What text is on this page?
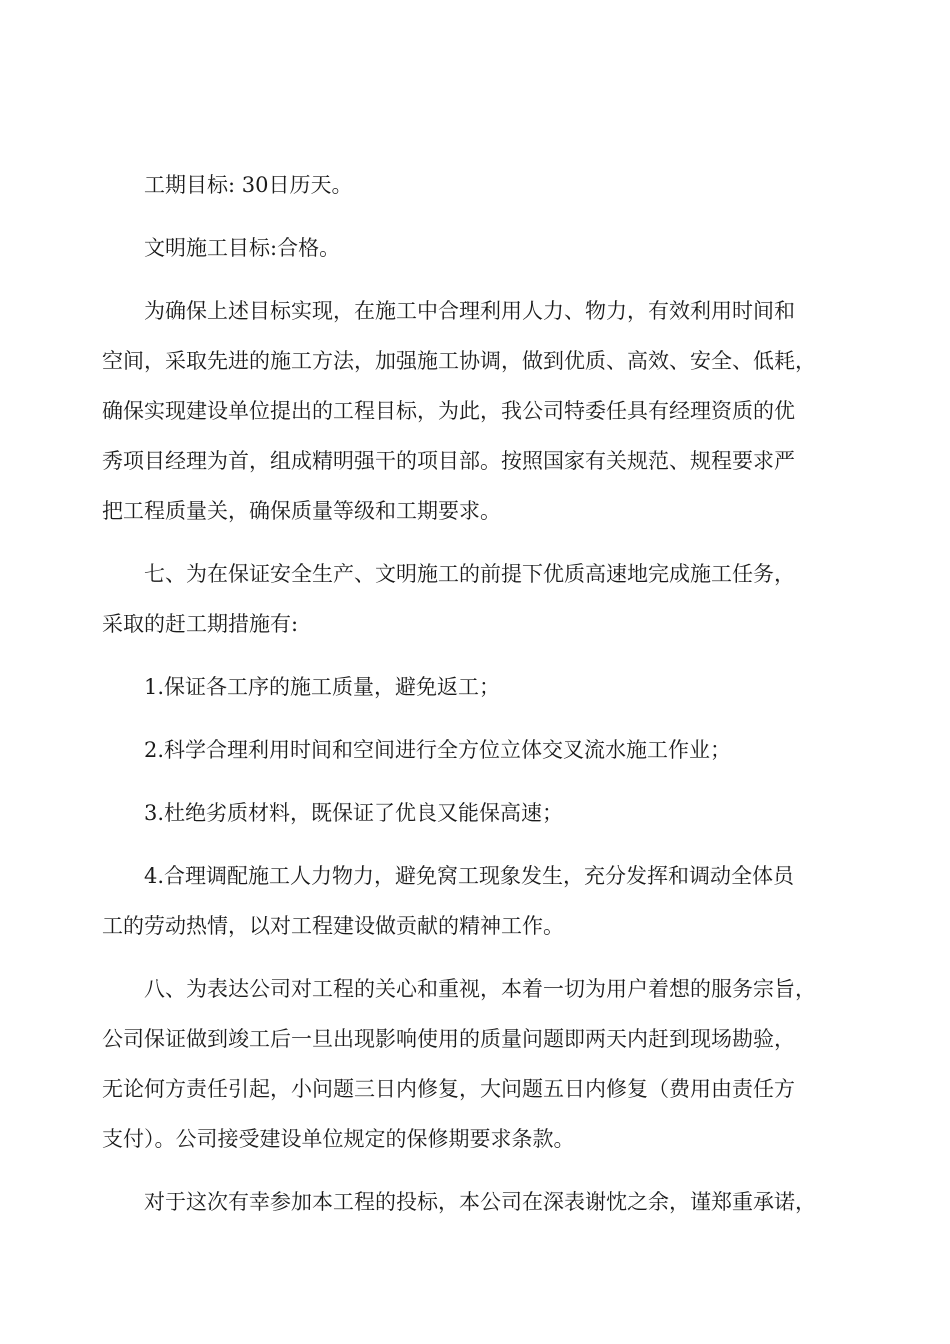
工期目标: 30日历天。

文明施工目标:合格。

为确保上述目标实现，在施工中合理利用人力、物力，有效利用时间和
空间，采取先进的施工方法，加强施工协调，做到优质、高效、安全、低耗，
确保实现建设单位提出的工程目标，为此，我公司特委任具有经理资质的优
秀项目经理为首，组成精明强干的项目部。按照国家有关规范、规程要求严
把工程质量关，确保质量等级和工期要求。

七、为在保证安全生产、文明施工的前提下优质高速地完成施工任务，
采取的赶工期措施有:

1.保证各工序的施工质量，避免返工；

2.科学合理利用时间和空间进行全方位立体交叉流水施工作业；

3.杜绝劣质材料，既保证了优良又能保高速；

4.合理调配施工人力物力，避免窝工现象发生，充分发挥和调动全体员
工的劳动热情，以对工程建设做贡献的精神工作。

八、为表达公司对工程的关心和重视，本着一切为用户着想的服务宗旨，
公司保证做到竣工后一旦出现影响使用的质量问题即两天内赶到现场勘验，
无论何方责任引起，小问题三日内修复，大问题五日内修复（费用由责任方
支付）。公司接受建设单位规定的保修期要求条款。

对于这次有幸参加本工程的投标，本公司在深表谢忱之余，谨郑重承诺，
